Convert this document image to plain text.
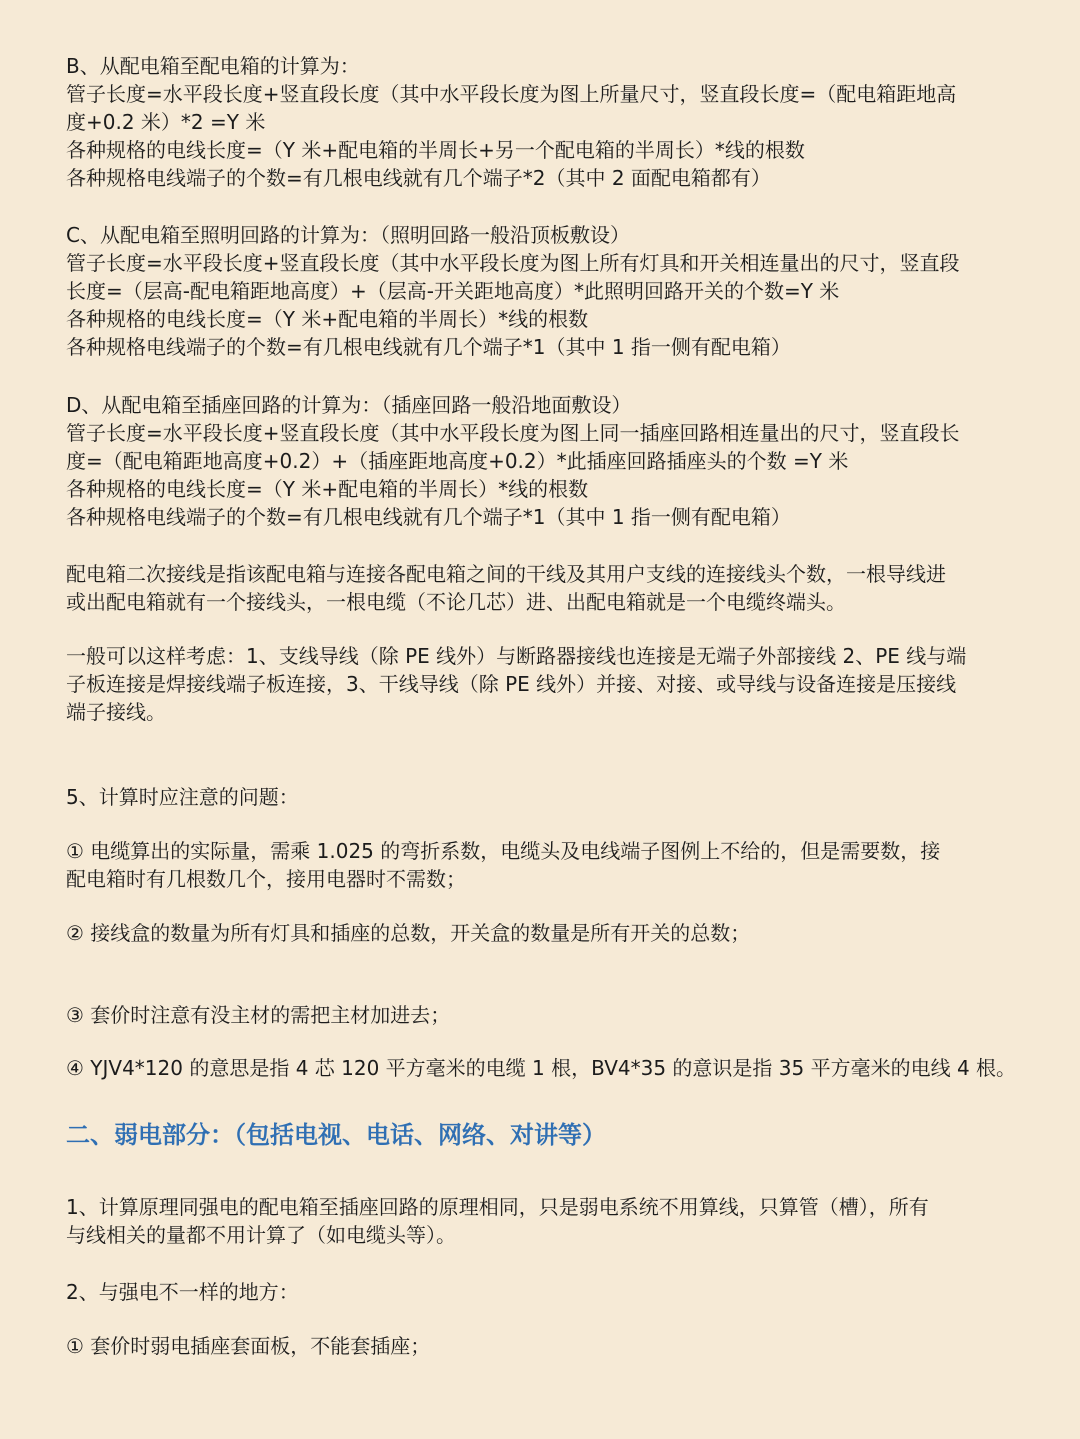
B、从配电箱至配电箱的计算为：
管子长度=水平段长度+竖直段长度（其中水平段长度为图上所量尺寸，竖直段长度=（配电箱距地高
度+0.2 米）*2 =Y 米
各种规格的电线长度=（Y 米+配电箱的半周长+另一个配电箱的半周长）*线的根数
各种规格电线端子的个数=有几根电线就有几个端子*2（其中 2 面配电箱都有）
C、从配电箱至照明回路的计算为：（照明回路一般沿顶板敷设）
管子长度=水平段长度+竖直段长度（其中水平段长度为图上所有灯具和开关相连量出的尺寸，竖直段
长度=（层高-配电箱距地高度）+（层高-开关距地高度）*此照明回路开关的个数=Y 米
各种规格的电线长度=（Y 米+配电箱的半周长）*线的根数
各种规格电线端子的个数=有几根电线就有几个端子*1（其中 1 指一侧有配电箱）
D、从配电箱至插座回路的计算为：（插座回路一般沿地面敷设）
管子长度=水平段长度+竖直段长度（其中水平段长度为图上同一插座回路相连量出的尺寸，竖直段长
度=（配电箱距地高度+0.2）+（插座距地高度+0.2）*此插座回路插座头的个数 =Y 米
各种规格的电线长度=（Y 米+配电箱的半周长）*线的根数
各种规格电线端子的个数=有几根电线就有几个端子*1（其中 1 指一侧有配电箱）
配电箱二次接线是指该配电箱与连接各配电箱之间的干线及其用户支线的连接线头个数，一根导线进
或出配电箱就有一个接线头，一根电缆（不论几芯）进、出配电箱就是一个电缆终端头。
一般可以这样考虑：1、支线导线（除 PE 线外）与断路器接线也连接是无端子外部接线 2、PE 线与端
子板连接是焊接线端子板连接，3、干线导线（除 PE 线外）并接、对接、或导线与设备连接是压接线
端子接线。
5、计算时应注意的问题：
① 电缆算出的实际量，需乘 1.025 的弯折系数，电缆头及电线端子图例上不给的，但是需要数，接
配电箱时有几根数几个，接用电器时不需数；
② 接线盒的数量为所有灯具和插座的总数，开关盒的数量是所有开关的总数；
③ 套价时注意有没主材的需把主材加进去；
④ YJV4*120 的意思是指 4 芯 120 平方毫米的电缆 1 根，BV4*35 的意识是指 35 平方毫米的电线 4 根。
二、弱电部分：（包括电视、电话、网络、对讲等）
1、计算原理同强电的配电箱至插座回路的原理相同，只是弱电系统不用算线，只算管（槽），所有
与线相关的量都不用计算了（如电缆头等）。
2、与强电不一样的地方：
① 套价时弱电插座套面板，不能套插座；
